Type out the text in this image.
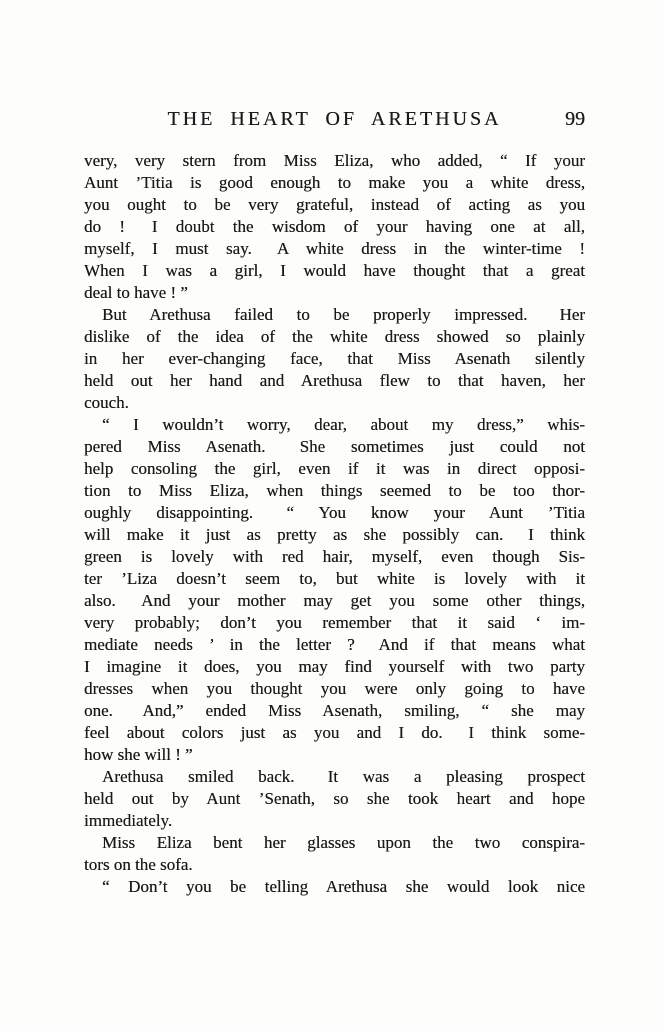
THE HEART OF ARETHUSA	99
very, very stern from Miss Eliza, who added, “ If your
Aunt ’Titia is good enough to make you a white dress,
you ought to be very grateful, instead of acting as you
do !  I doubt the wisdom of your having one at all,
myself, I must say.  A white dress in the winter-time !
When I was a girl, I would have thought that a great
deal to have ! ”
But Arethusa failed to be properly impressed.  Her
dislike of the idea of the white dress showed so plainly
in her ever-changing face, that Miss Asenath silently
held out her hand and Arethusa flew to that haven, her
couch.
“ I wouldn’t worry, dear, about my dress,” whis-
pered Miss Asenath.  She sometimes just could not
help consoling the girl, even if it was in direct opposi-
tion to Miss Eliza, when things seemed to be too thor-
oughly disappointing.  “ You know your Aunt ’Titia
will make it just as pretty as she possibly can.  I think
green is lovely with red hair, myself, even though Sis-
ter ’Liza doesn’t seem to, but white is lovely with it
also.  And your mother may get you some other things,
very probably; don’t you remember that it said ‘ im-
mediate needs ’ in the letter ?  And if that means what
I imagine it does, you may find yourself with two party
dresses when you thought you were only going to have
one.  And,” ended Miss Asenath, smiling, “ she may
feel about colors just as you and I do.  I think some-
how she will ! ”
Arethusa smiled back.  It was a pleasing prospect
held out by Aunt ’Senath, so she took heart and hope
immediately.
Miss Eliza bent her glasses upon the two conspira-
tors on the sofa.
“ Don’t you be telling Arethusa she would look nice
